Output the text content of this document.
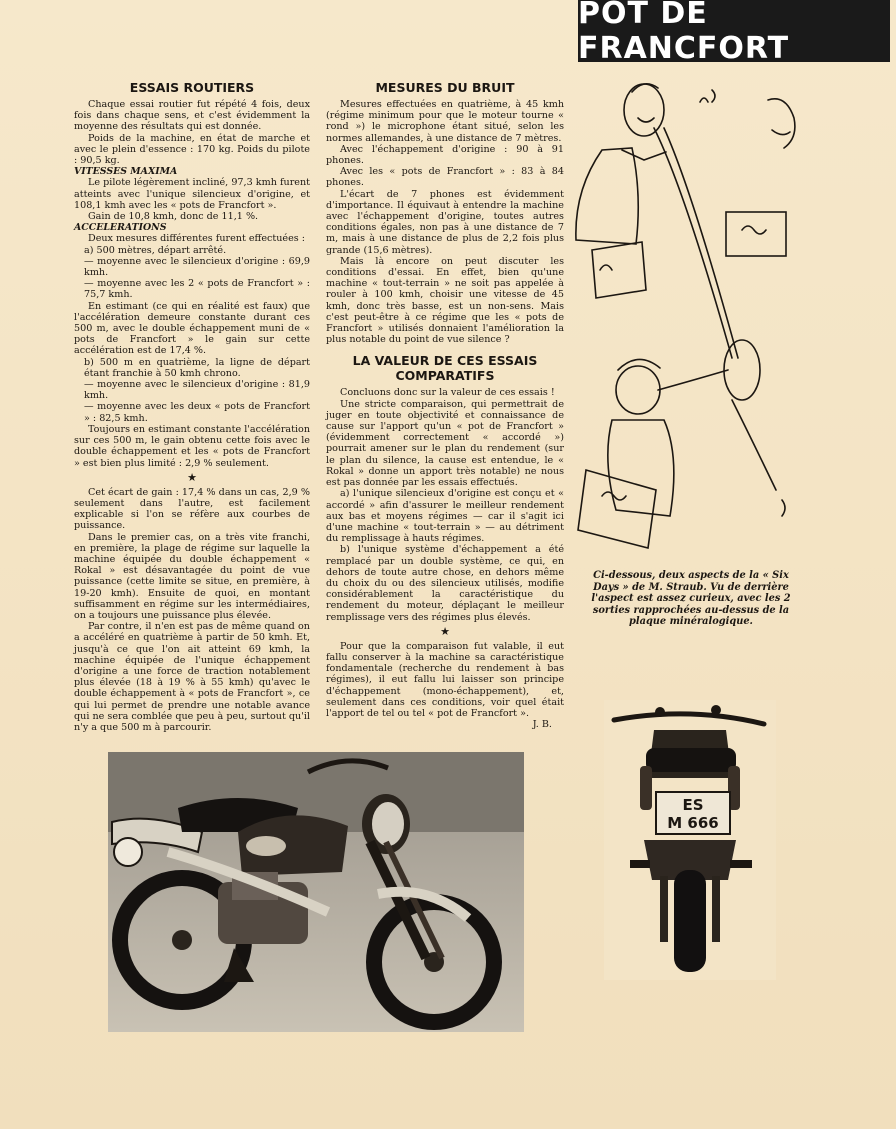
POT DE FRANCFORT
ESSAIS ROUTIERS

Chaque essai routier fut répété 4 fois, deux fois dans chaque sens, et c'est évidemment la moyenne des résultats qui est donnée.

Poids de la machine, en état de marche et avec le plein d'essence : 170 kg. Poids du pilote : 90,5 kg.

VITESSES MAXIMA

Le pilote légèrement incliné, 97,3 kmh furent atteints avec l'unique silencieux d'origine, et 108,1 kmh avec les « pots de Francfort ».

Gain de 10,8 kmh, donc de 11,1 %.

ACCELERATIONS

Deux mesures différentes furent effectuées :

a) 500 mètres, départ arrêté.

— moyenne avec le silencieux d'origine : 69,9 kmh.

— moyenne avec les 2 « pots de Francfort » : 75,7 kmh.

En estimant (ce qui en réalité est faux) que l'accélération demeure constante durant ces 500 m, avec le double échappement muni de « pots de Francfort » le gain sur cette accélération est de 17,4 %.

b) 500 m en quatrième, la ligne de départ étant franchie à 50 kmh chrono.

— moyenne avec le silencieux d'origine : 81,9 kmh.

— moyenne avec les deux « pots de Francfort » : 82,5 kmh.

Toujours en estimant constante l'accélération sur ces 500 m, le gain obtenu cette fois avec le double échappement et les « pots de Francfort » est bien plus limité : 2,9 % seulement.

★

Cet écart de gain : 17,4 % dans un cas, 2,9 % seulement dans l'autre, est facilement explicable si l'on se réfère aux courbes de puissance.

Dans le premier cas, on a très vite franchi, en première, la plage de régime sur laquelle la machine équipée du double échappement « Rokal » est désavantagée du point de vue puissance (cette limite se situe, en première, à 19-20 kmh). Ensuite de quoi, en montant suffisamment en régime sur les intermédiaires, on a toujours une puissance plus élevée.

Par contre, il n'en est pas de même quand on a accéléré en quatrième à partir de 50 kmh. Et, jusqu'à ce que l'on ait atteint 69 kmh, la machine équipée de l'unique échappement d'origine a une force de traction notablement plus élevée (18 à 19 % à 55 kmh) qu'avec le double échappement à « pots de Francfort », ce qui lui permet de prendre une notable avance qui ne sera comblée que peu à peu, surtout qu'il n'y a que 500 m à parcourir.

MESURES DU BRUIT

Mesures effectuées en quatrième, à 45 kmh (régime minimum pour que le moteur tourne « rond ») le microphone étant situé, selon les normes allemandes, à une distance de 7 mètres.

Avec l'échappement d'origine : 90 à 91 phones.

Avec les « pots de Francfort » : 83 à 84 phones.

L'écart de 7 phones est évidemment d'importance. Il équivaut à entendre la machine avec l'échappement d'origine, toutes autres conditions égales, non pas à une distance de 7 m, mais à une distance de plus de 2,2 fois plus grande (15,6 mètres).

Mais là encore on peut discuter les conditions d'essai. En effet, bien qu'une machine « tout-terrain » ne soit pas appelée à rouler à 100 kmh, choisir une vitesse de 45 kmh, donc très basse, est un non-sens. Mais c'est peut-être à ce régime que les « pots de Francfort » utilisés donnaient l'amélioration la plus notable du point de vue silence ?

LA VALEUR DE CES ESSAIS COMPARATIFS

Concluons donc sur la valeur de ces essais !

Une stricte comparaison, qui permettrait de juger en toute objectivité et connaissance de cause sur l'apport qu'un « pot de Francfort » (évidemment correctement « accordé ») pourrait amener sur le plan du rendement (sur le plan du silence, la cause est entendue, le « Rokal » donne un apport très notable) ne nous est pas donnée par les essais effectués.

a) l'unique silencieux d'origine est conçu et « accordé » afin d'assurer le meilleur rendement aux bas et moyens régimes — car il s'agit ici d'une machine « tout-terrain » — au détriment du remplissage à hauts régimes.

b) l'unique système d'échappement a été remplacé par un double système, ce qui, en dehors de toute autre chose, en dehors même du choix du ou des silencieux utilisés, modifie considérablement la caractéristique du rendement du moteur, déplaçant le meilleur remplissage vers des régimes plus élevés.

★

Pour que la comparaison fut valable, il eut fallu conserver à la machine sa caractéristique fondamentale (recherche du rendement à bas régimes), il eut fallu lui laisser son principe d'échappement (mono-échappement), et, seulement dans ces conditions, voir quel était l'apport de tel ou tel « pot de Francfort ».

J. B.

Ci-dessous, deux aspects de la « Six Days » de M. Straub. Vu de derrière l'aspect est assez curieux, avec les 2 sorties rapprochées au-dessus de la plaque minéralogique.
ES
M 666
